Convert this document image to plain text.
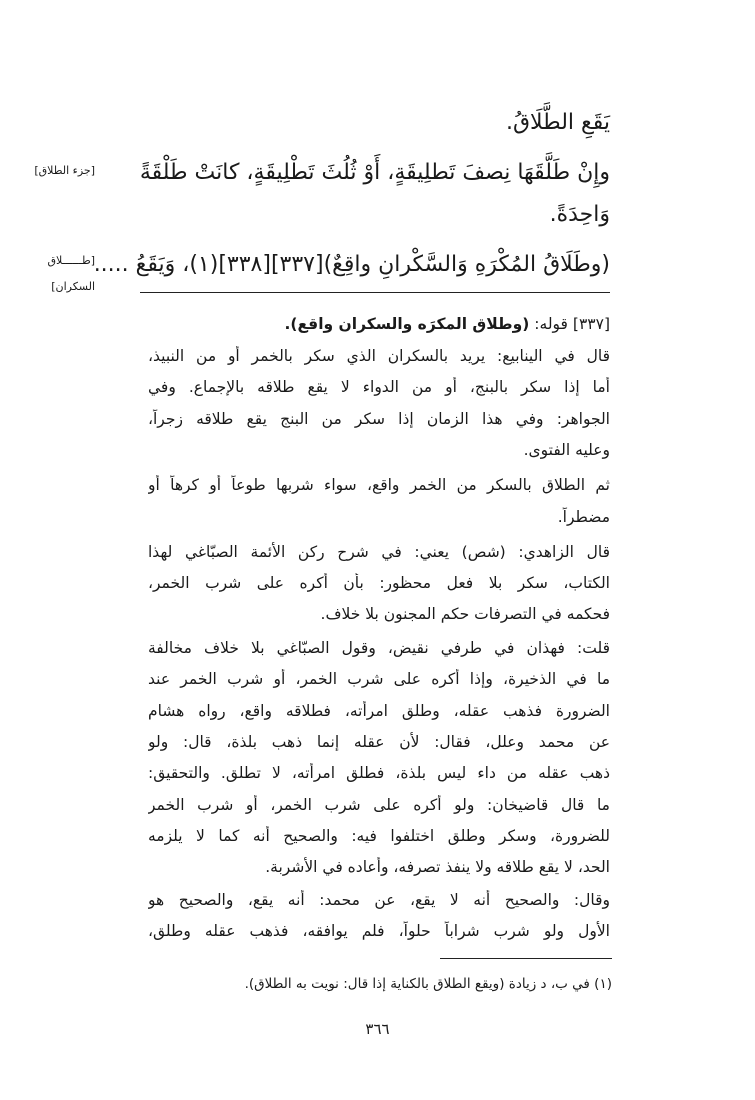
يَقَعِ الطَّلَاقُ.
وإِنْ طَلَّقَهَا نِصفَ تَطلِيقَةٍ، أَوْ ثُلُثَ تَطْلِيقَةٍ، كانَتْ طَلْقَةً
وَاحِدَةً.
(وطَلَاقُ المُكْرَهِ وَالسَّكْرانِ واقِعٌ)[٣٣٧][٣٣٨](١)، وَيَقَعُ .....
[جزء الطلاق]
[طــــــلاق
السكران]
[٣٣٧] قوله: (وطلاق المكرَه والسكران واقع).
قال في الينابيع: يريد بالسكران الذي سكر بالخمر أو من النبيذ،
أما إذا سكر بالبنج، أو من الدواء لا يقع طلاقه بالإجماع. وفي
الجواهر: وفي هذا الزمان إذا سكر من البنج يقع طلاقه زجراً،
وعليه الفتوى.
ثم الطلاق بالسكر من الخمر واقع، سواء شربها طوعاً أو كرهاً أو
مضطراً.
قال الزاهدي: (شص) يعني: في شرح ركن الأئمة الصبّاغي لهذا
الكتاب، سكر بلا فعل محظور: بأن أكره على شرب الخمر،
فحكمه في التصرفات حكم المجنون بلا خلاف.
قلت: فهذان في طرفي نقيض، وقول الصبّاغي بلا خلاف مخالفة
ما في الذخيرة، وإذا أكره على شرب الخمر، أو شرب الخمر عند
الضرورة فذهب عقله، وطلق امرأته، فطلاقه واقع، رواه هشام
عن محمد وعلل، فقال: لأن عقله إنما ذهب بلذة، قال: ولو
ذهب عقله من داء ليس بلذة، فطلق امرأته، لا تطلق. والتحقيق:
ما قال قاضيخان: ولو أكره على شرب الخمر، أو شرب الخمر
للضرورة، وسكر وطلق اختلفوا فيه: والصحيح أنه كما لا يلزمه
الحد، لا يقع طلاقه ولا ينفذ تصرفه، وأعاده في الأشربة.
وقال: والصحيح أنه لا يقع، عن محمد: أنه يقع، والصحيح هو
الأول ولو شرب شراباً حلواً، فلم يوافقه، فذهب عقله وطلق،
(١) في ب، د زيادة (ويقع الطلاق بالكناية إذا قال: نويت به الطلاق).
٣٦٦
